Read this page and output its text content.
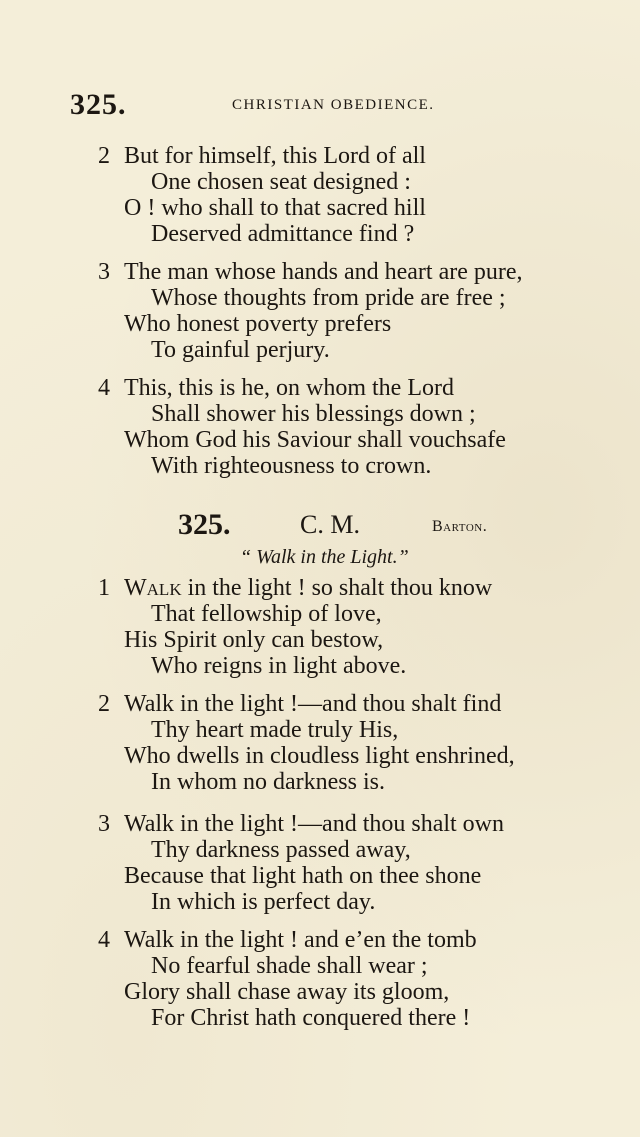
325.	CHRISTIAN OBEDIENCE.
2 But for himself, this Lord of all
One chosen seat designed :
O ! who shall to that sacred hill
Deserved admittance find ?
3 The man whose hands and heart are pure,
Whose thoughts from pride are free ;
Who honest poverty prefers
To gainful perjury.
4 This, this is he, on whom the Lord
Shall shower his blessings down ;
Whom God his Saviour shall vouchsafe
With righteousness to crown.
325.	C. M.	Barton.
“ Walk in the Light.”
1 Walk in the light ! so shalt thou know
That fellowship of love,
His Spirit only can bestow,
Who reigns in light above.
2 Walk in the light !—and thou shalt find
Thy heart made truly His,
Who dwells in cloudless light enshrined,
In whom no darkness is.
3 Walk in the light !—and thou shalt own
Thy darkness passed away,
Because that light hath on thee shone
In which is perfect day.
4 Walk in the light ! and e’en the tomb
No fearful shade shall wear ;
Glory shall chase away its gloom,
For Christ hath conquered there !
